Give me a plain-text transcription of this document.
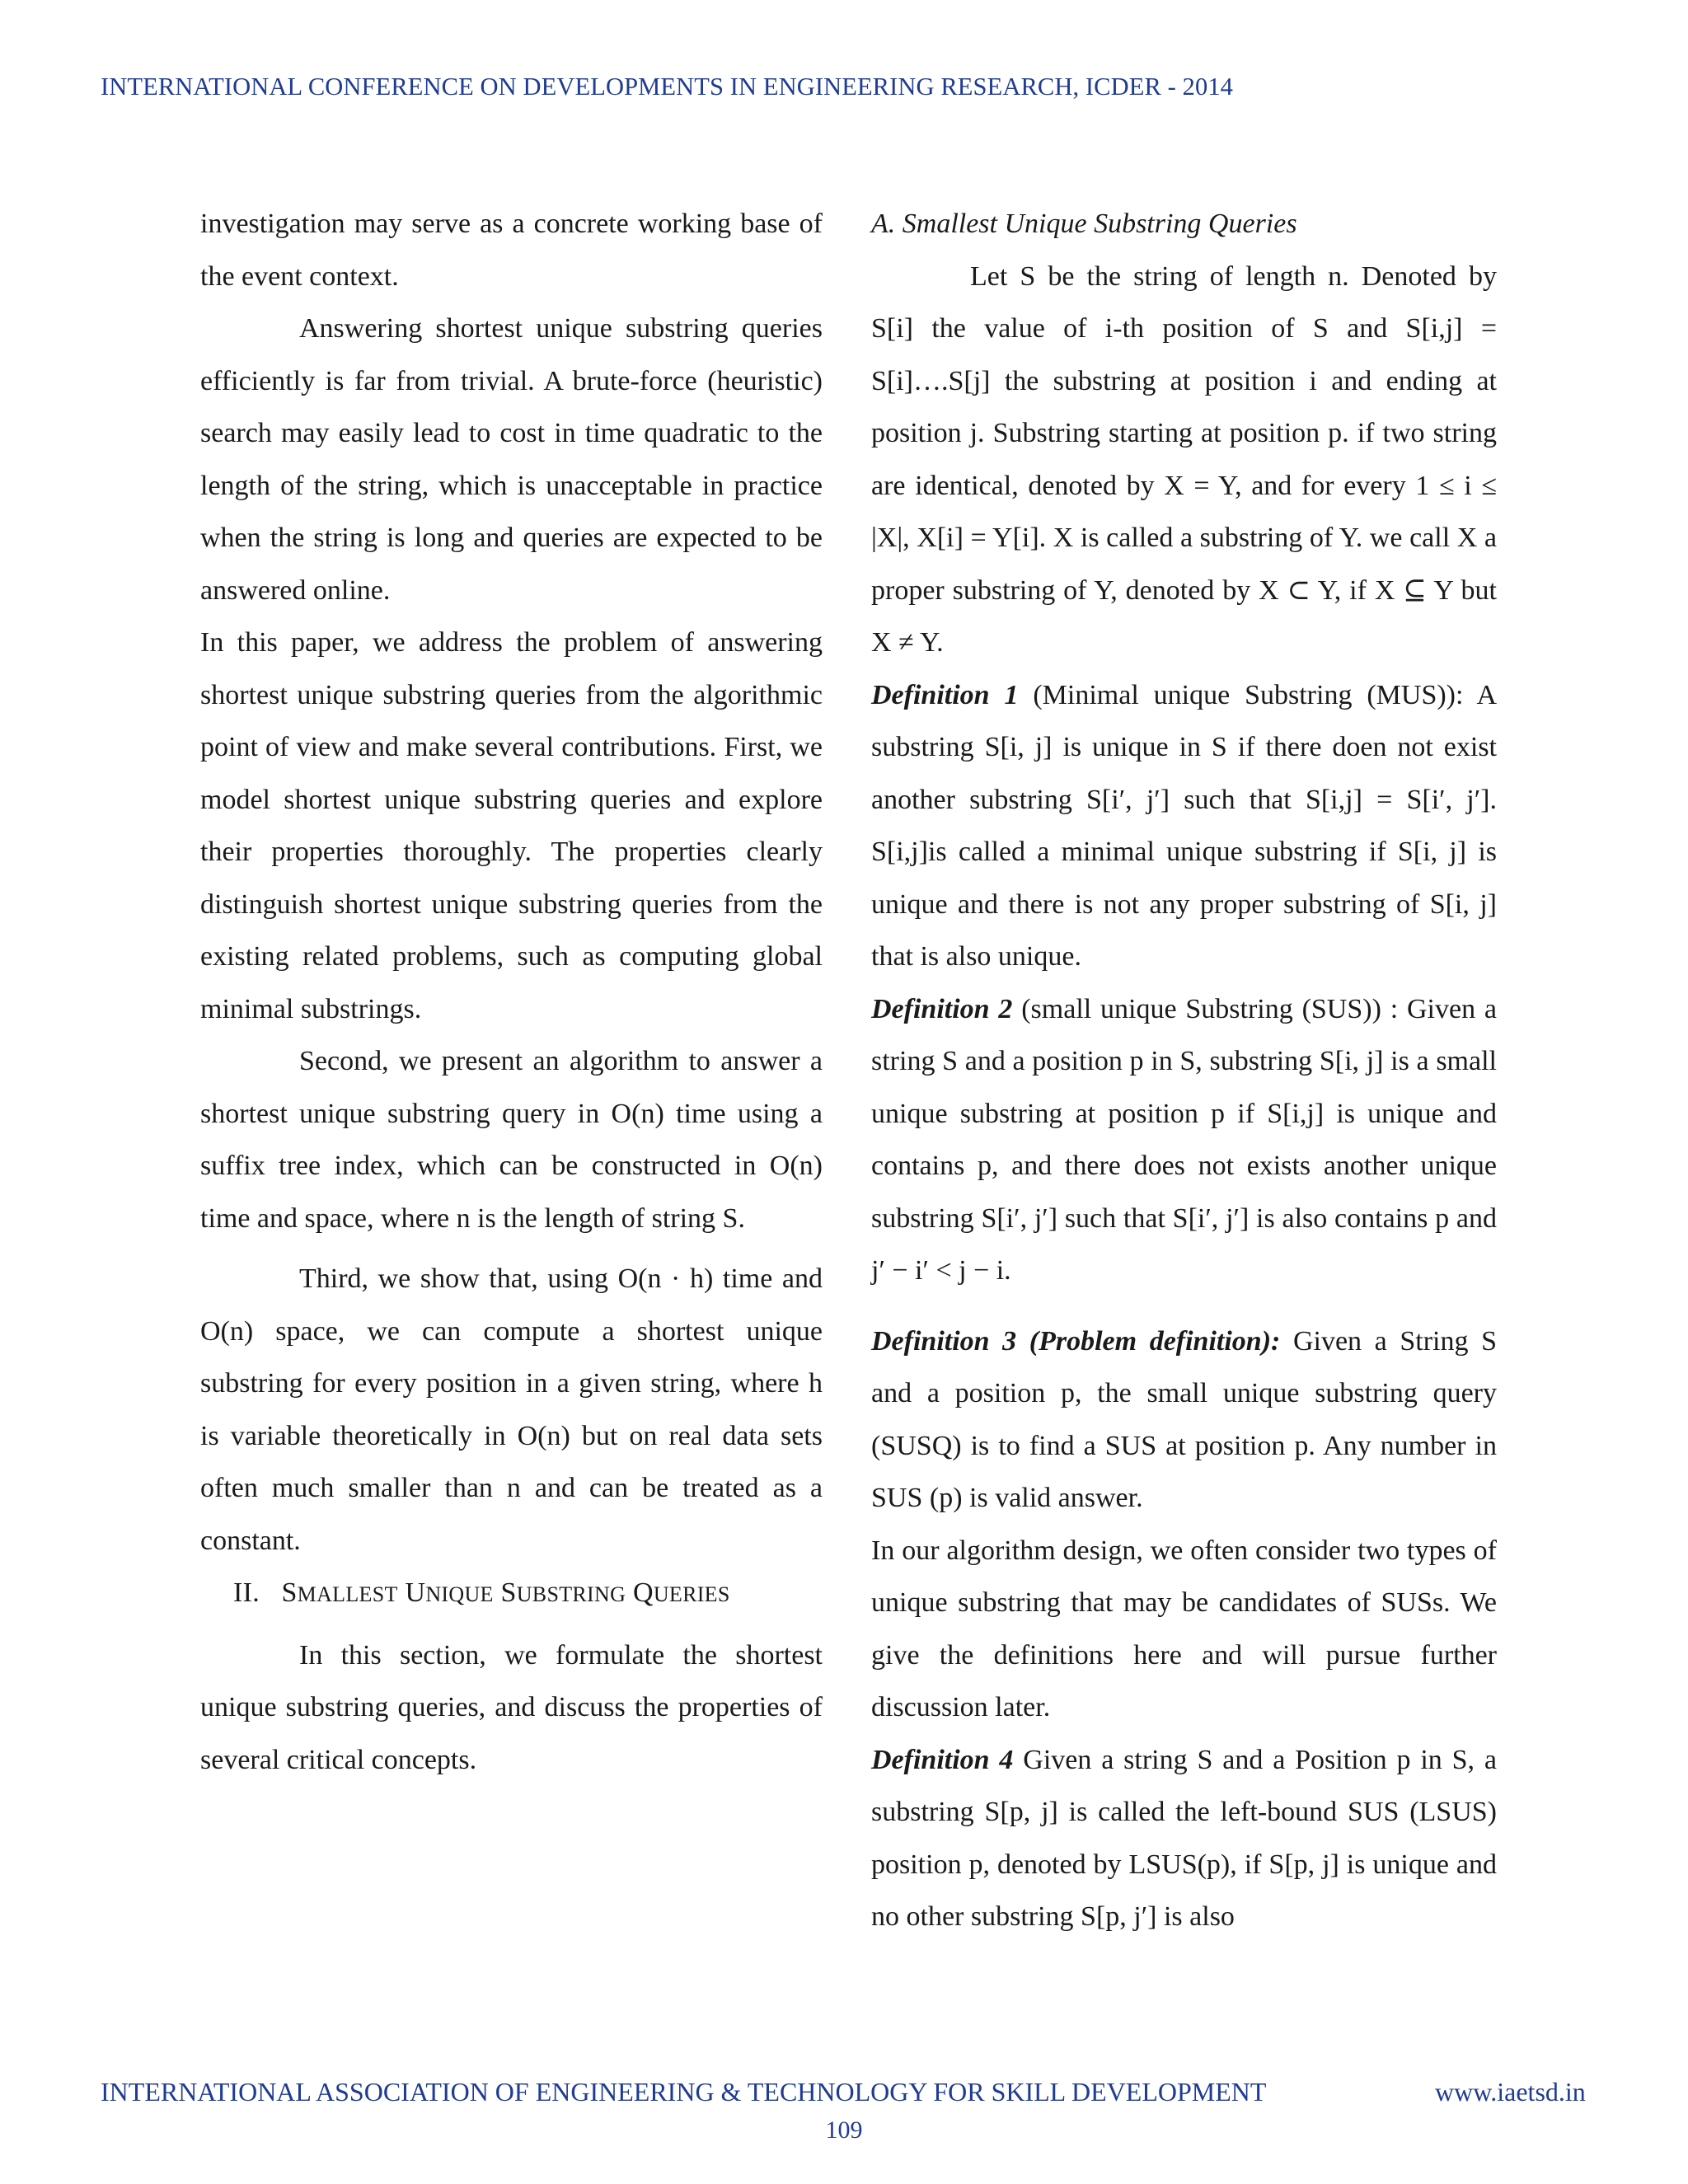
INTERNATIONAL CONFERENCE ON DEVELOPMENTS IN ENGINEERING RESEARCH, ICDER - 2014

investigation may serve as a concrete working base of the event context.

Answering shortest unique substring queries efficiently is far from trivial. A brute-force (heuristic) search may easily lead to cost in time quadratic to the length of the string, which is unacceptable in practice when the string is long and queries are expected to be answered online.

In this paper, we address the problem of answering shortest unique substring queries from the algorithmic point of view and make several contributions. First, we model shortest unique substring queries and explore their properties thoroughly. The properties clearly distinguish shortest unique substring queries from the existing related problems, such as computing global minimal substrings.

Second, we present an algorithm to answer a shortest unique substring query in O(n) time using a suffix tree index, which can be constructed in O(n) time and space, where n is the length of string S.

Third, we show that, using O(n · h) time and O(n) space, we can compute a shortest unique substring for every position in a given string, where h is variable theoretically in O(n) but on real data sets often much smaller than n and can be treated as a constant.

II. SMALLEST UNIQUE SUBSTRING QUERIES

In this section, we formulate the shortest unique substring queries, and discuss the properties of several critical concepts.

A. Smallest Unique Substring Queries

Let S be the string of length n. Denoted by S[i] the value of i-th position of S and S[i,j] = S[i]….S[j] the substring at position i and ending at position j. Substring starting at position p. if two string are identical, denoted by X = Y, and for every 1 ≤ i ≤ |X|, X[i] = Y[i]. X is called a substring of Y. we call X a proper substring of Y, denoted by X ⊂ Y, if X ⊆ Y but X ≠ Y.

Definition 1 (Minimal unique Substring (MUS)): A substring S[i, j] is unique in S if there doen not exist another substring S[i′, j′] such that S[i,j] = S[i′, j′]. S[i,j]is called a minimal unique substring if S[i, j] is unique and there is not any proper substring of S[i, j] that is also unique.

Definition 2 (small unique Substring (SUS)) : Given a string S and a position p in S, substring S[i, j] is a small unique substring at position p if S[i,j] is unique and contains p, and there does not exists another unique substring S[i′, j′] such that S[i′, j′] is also contains p and j′ − i′ < j − i.

Definition 3 (Problem definition): Given a String S and a position p, the small unique substring query (SUSQ) is to find a SUS at position p. Any number in SUS (p) is valid answer.

In our algorithm design, we often consider two types of unique substring that may be candidates of SUSs. We give the definitions here and will pursue further discussion later.

Definition 4 Given a string S and a Position p in S, a substring S[p, j] is called the left-bound SUS (LSUS) position p, denoted by LSUS(p), if S[p, j] is unique and no other substring S[p, j′] is also

INTERNATIONAL ASSOCIATION OF ENGINEERING & TECHNOLOGY FOR SKILL DEVELOPMENT	www.iaetsd.in
109
